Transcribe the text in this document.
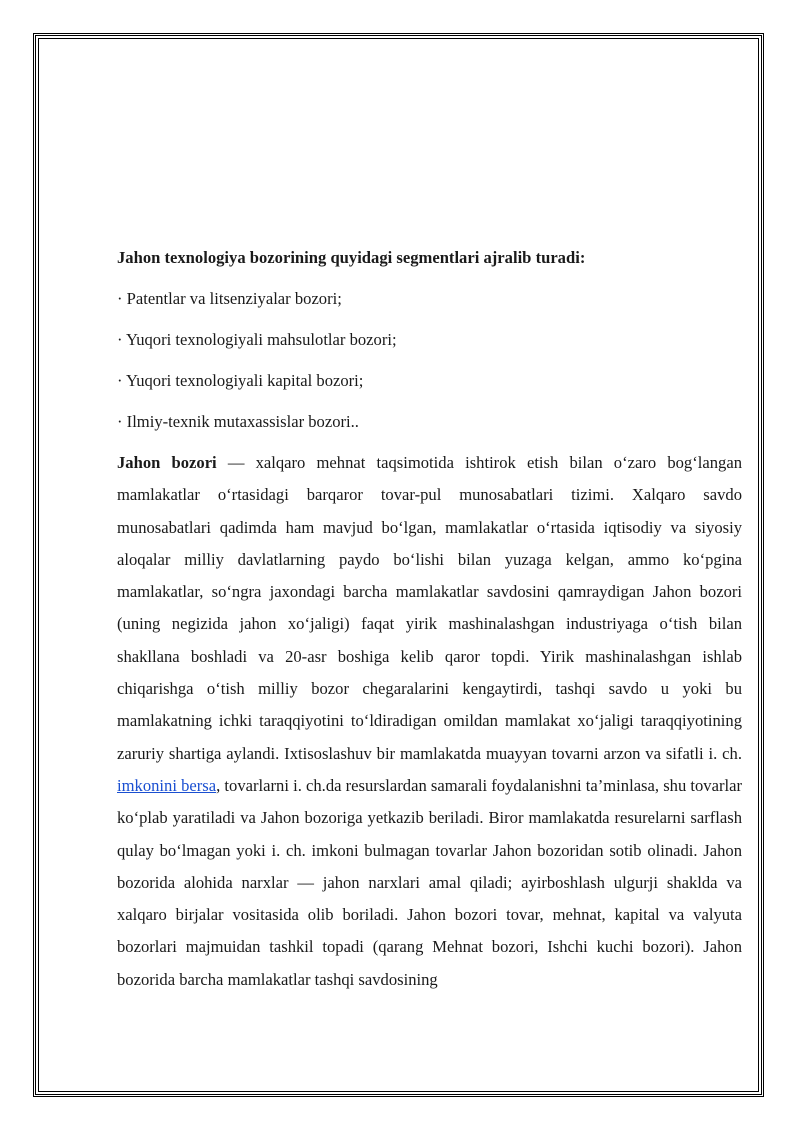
Jahon texnologiya bozorining quyidagi segmentlari ajralib turadi:

· Patentlar va litsenziyalar bozori;

· Yuqori texnologiyali mahsulotlar bozori;

· Yuqori texnologiyali kapital bozori;

· Ilmiy-texnik mutaxassislar bozori..

Jahon bozori — xalqaro mehnat taqsimotida ishtirok etish bilan o‘zaro bog‘langan mamlakatlar o‘rtasidagi barqaror tovar-pul munosabatlari tizimi. Xalqaro savdo munosabatlari qadimda ham mavjud bo‘lgan, mamlakatlar o‘rtasida iqtisodiy va siyosiy aloqalar milliy davlatlarning paydo bo‘lishi bilan yuzaga kelgan, ammo ko‘pgina mamlakatlar, so‘ngra jaxondagi barcha mamlakatlar savdosini qamraydigan Jahon bozori (uning negizida jahon xo‘jaligi) faqat yirik mashinalashgan industriyaga o‘tish bilan shakllana boshladi va 20-asr boshiga kelib qaror topdi. Yirik mashinalashgan ishlab chiqarishga o‘tish milliy bozor chegaralarini kengaytirdi, tashqi savdo u yoki bu mamlakatning ichki taraqqiyotini to‘ldiradigan omildan mamlakat xo‘jaligi taraqqiyotining zaruriy shartiga aylandi. Ixtisoslashuv bir mamlakatda muayyan tovarni arzon va sifatli i. ch. imkonini bersa, tovarlarni i. ch.da resurslardan samarali foydalanishni ta’minlasa, shu tovarlar ko‘plab yaratiladi va Jahon bozoriga yetkazib beriladi. Biror mamlakatda resurelarni sarflash qulay bo‘lmagan yoki i. ch. imkoni bulmagan tovarlar Jahon bozoridan sotib olinadi. Jahon bozorida alohida narxlar — jahon narxlari amal qiladi; ayirboshlash ulgurji shaklda va xalqaro birjalar vositasida olib boriladi. Jahon bozori tovar, mehnat, kapital va valyuta bozorlari majmuidan tashkil topadi (qarang Mehnat bozori, Ishchi kuchi bozori). Jahon bozorida barcha mamlakatlar tashqi savdosining
